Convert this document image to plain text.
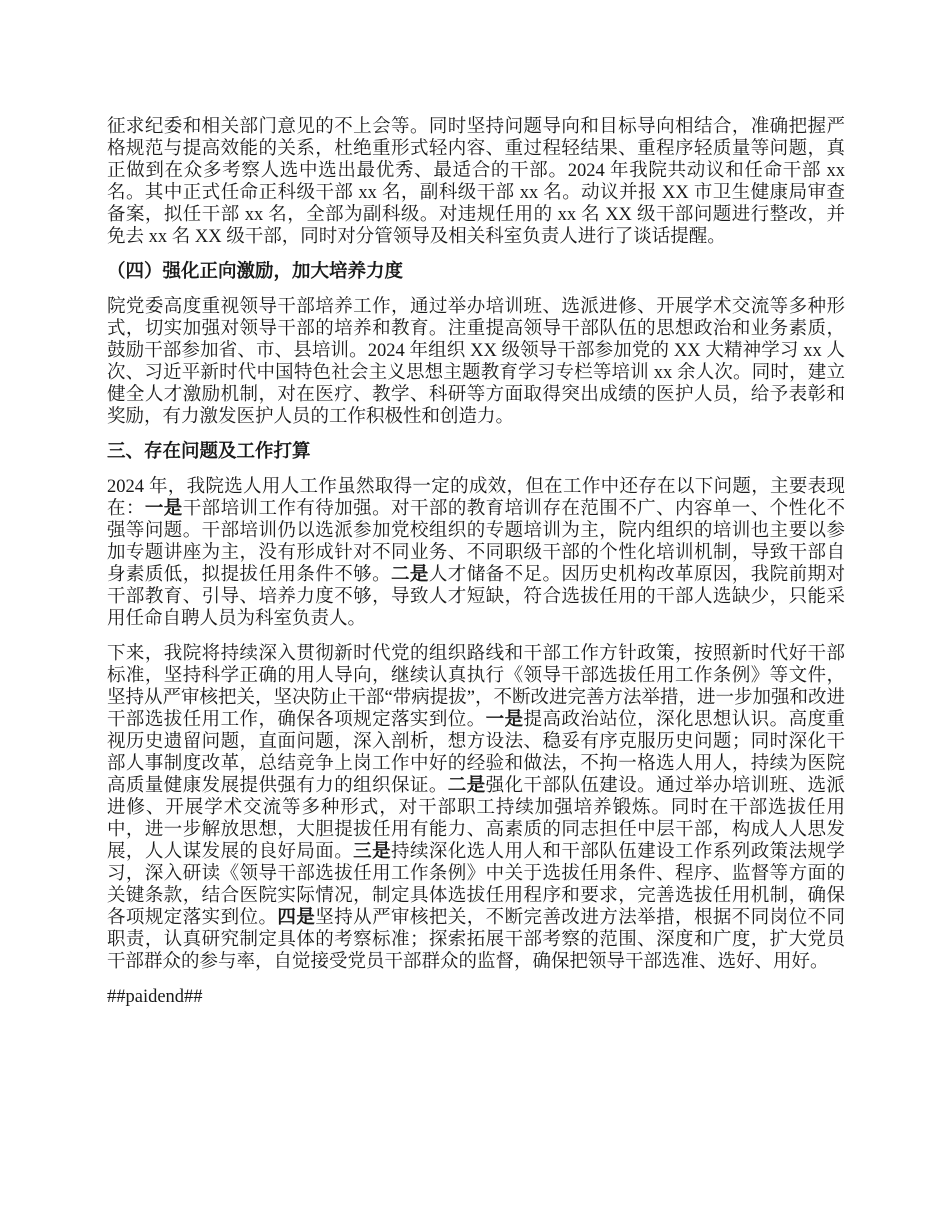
征求纪委和相关部门意见的不上会等。同时坚持问题导向和目标导向相结合，准确把握严格规范与提高效能的关系，杜绝重形式轻内容、重过程轻结果、重程序轻质量等问题，真正做到在众多考察人选中选出最优秀、最适合的干部。2024 年我院共动议和任命干部 xx 名。其中正式任命正科级干部 xx 名，副科级干部 xx 名。动议并报 XX 市卫生健康局审查备案，拟任干部 xx 名，全部为副科级。对违规任用的 xx 名 XX 级干部问题进行整改，并免去 xx 名 XX 级干部，同时对分管领导及相关科室负责人进行了谈话提醒。

（四）强化正向激励，加大培养力度

院党委高度重视领导干部培养工作，通过举办培训班、选派进修、开展学术交流等多种形式，切实加强对领导干部的培养和教育。注重提高领导干部队伍的思想政治和业务素质，鼓励干部参加省、市、县培训。2024 年组织 XX 级领导干部参加党的 XX 大精神学习 xx 人次、习近平新时代中国特色社会主义思想主题教育学习专栏等培训 xx 余人次。同时，建立健全人才激励机制，对在医疗、教学、科研等方面取得突出成绩的医护人员，给予表彰和奖励，有力激发医护人员的工作积极性和创造力。

三、存在问题及工作打算

2024 年，我院选人用人工作虽然取得一定的成效，但在工作中还存在以下问题，主要表现在：一是干部培训工作有待加强。对干部的教育培训存在范围不广、内容单一、个性化不强等问题。干部培训仍以选派参加党校组织的专题培训为主，院内组织的培训也主要以参加专题讲座为主，没有形成针对不同业务、不同职级干部的个性化培训机制，导致干部自身素质低，拟提拔任用条件不够。二是人才储备不足。因历史机构改革原因，我院前期对干部教育、引导、培养力度不够，导致人才短缺，符合选拔任用的干部人选缺少，只能采用任命自聘人员为科室负责人。

下来，我院将持续深入贯彻新时代党的组织路线和干部工作方针政策，按照新时代好干部标准，坚持科学正确的用人导向，继续认真执行《领导干部选拔任用工作条例》等文件，坚持从严审核把关，坚决防止干部“带病提拔”，不断改进完善方法举措，进一步加强和改进干部选拔任用工作，确保各项规定落实到位。一是提高政治站位，深化思想认识。高度重视历史遗留问题，直面问题，深入剖析，想方设法、稳妥有序克服历史问题；同时深化干部人事制度改革，总结竞争上岗工作中好的经验和做法，不拘一格选人用人，持续为医院高质量健康发展提供强有力的组织保证。二是强化干部队伍建设。通过举办培训班、选派进修、开展学术交流等多种形式，对干部职工持续加强培养锻炼。同时在干部选拔任用中，进一步解放思想，大胆提拔任用有能力、高素质的同志担任中层干部，构成人人思发展，人人谋发展的良好局面。三是持续深化选人用人和干部队伍建设工作系列政策法规学习，深入研读《领导干部选拔任用工作条例》中关于选拔任用条件、程序、监督等方面的关键条款，结合医院实际情况，制定具体选拔任用程序和要求，完善选拔任用机制，确保各项规定落实到位。四是坚持从严审核把关，不断完善改进方法举措，根据不同岗位不同职责，认真研究制定具体的考察标准；探索拓展干部考察的范围、深度和广度，扩大党员干部群众的参与率，自觉接受党员干部群众的监督，确保把领导干部选准、选好、用好。

##paidend##
